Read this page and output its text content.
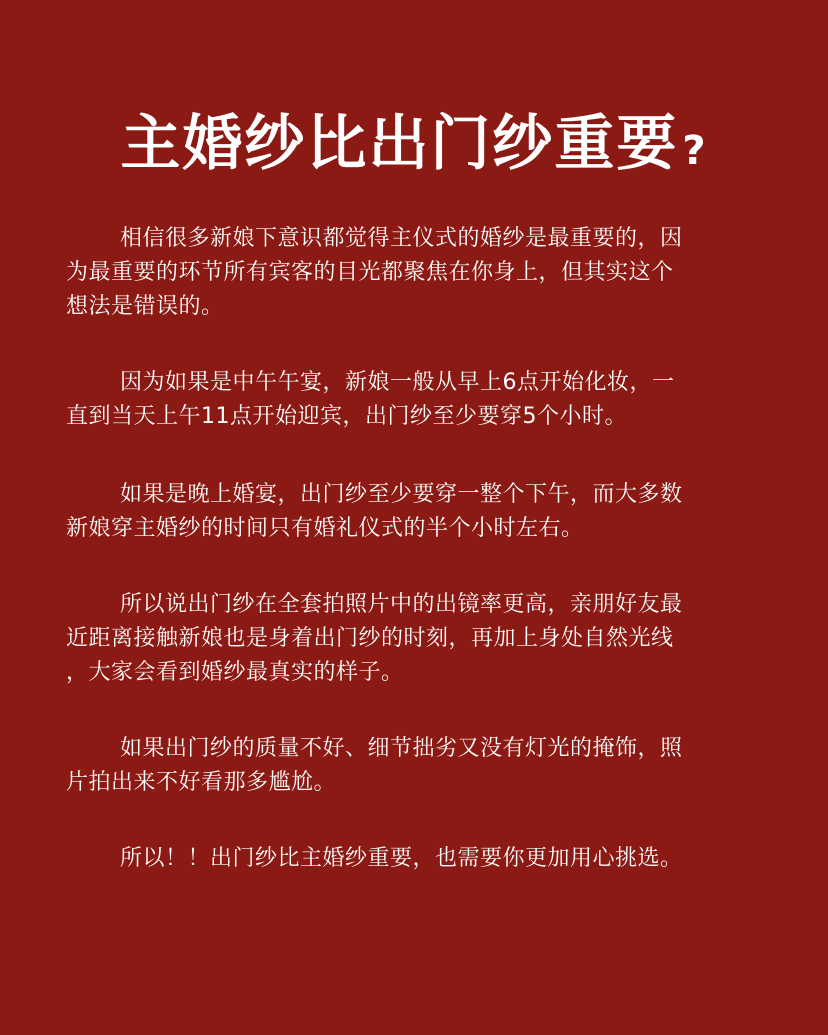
主婚纱比出门纱重要 ?
相信很多新娘下意识都觉得主仪式的婚纱是最重要的，因
为最重要的环节所有宾客的目光都聚焦在你身上，但其实这个
想法是错误的。
因为如果是中午午宴，新娘一般从早上6点开始化妆，一
直到当天上午11点开始迎宾，出门纱至少要穿5个小时。
如果是晚上婚宴，出门纱至少要穿一整个下午，而大多数
新娘穿主婚纱的时间只有婚礼仪式的半个小时左右。
所以说出门纱在全套拍照片中的出镜率更高，亲朋好友最
近距离接触新娘也是身着出门纱的时刻，再加上身处自然光线
，大家会看到婚纱最真实的样子。
如果出门纱的质量不好、细节拙劣又没有灯光的掩饰，照
片拍出来不好看那多尴尬。
所以！！出门纱比主婚纱重要，也需要你更加用心挑选。
